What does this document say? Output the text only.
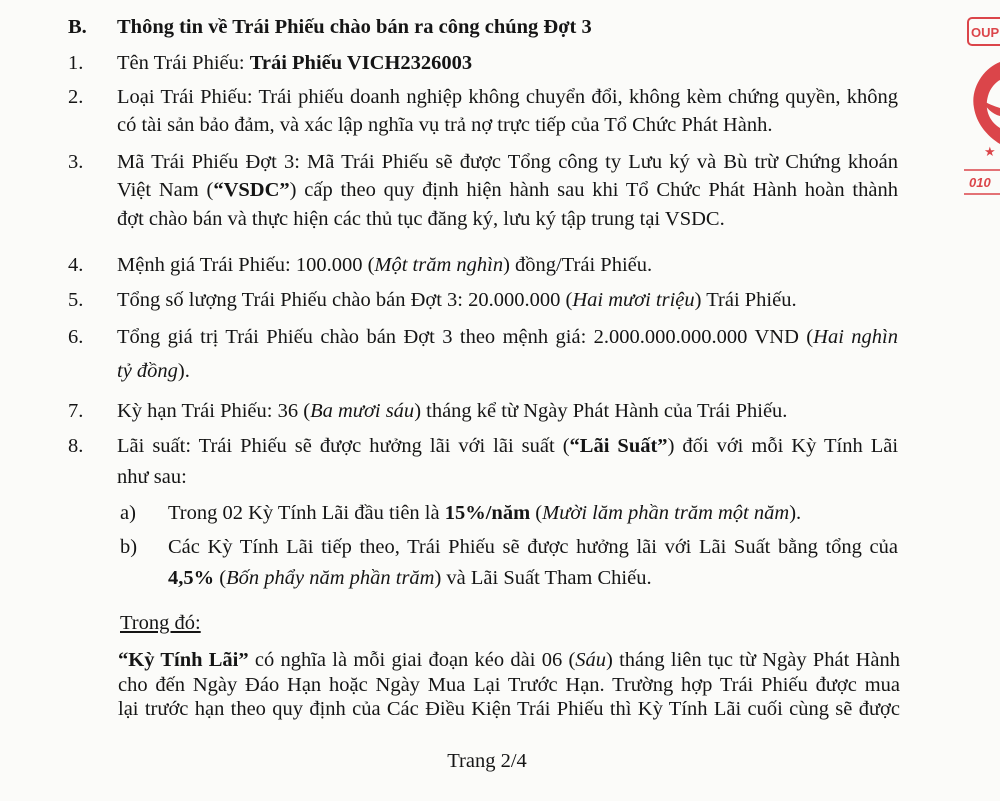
B. Thông tin về Trái Phiếu chào bán ra công chúng Đợt 3
1. Tên Trái Phiếu: Trái Phiếu VICH2326003
2. Loại Trái Phiếu: Trái phiếu doanh nghiệp không chuyển đổi, không kèm chứng quyền, không
có tài sản bảo đảm, và xác lập nghĩa vụ trả nợ trực tiếp của Tổ Chức Phát Hành.
3. Mã Trái Phiếu Đợt 3: Mã Trái Phiếu sẽ được Tổng công ty Lưu ký và Bù trừ Chứng khoán
Việt Nam (“VSDC”) cấp theo quy định hiện hành sau khi Tổ Chức Phát Hành hoàn thành
đợt chào bán và thực hiện các thủ tục đăng ký, lưu ký tập trung tại VSDC.
4. Mệnh giá Trái Phiếu: 100.000 (Một trăm nghìn) đồng/Trái Phiếu.
5. Tổng số lượng Trái Phiếu chào bán Đợt 3: 20.000.000 (Hai mươi triệu) Trái Phiếu.
6. Tổng giá trị Trái Phiếu chào bán Đợt 3 theo mệnh giá: 2.000.000.000.000 VND (Hai nghìn
tỷ đồng).
7. Kỳ hạn Trái Phiếu: 36 (Ba mươi sáu) tháng kể từ Ngày Phát Hành của Trái Phiếu.
8. Lãi suất: Trái Phiếu sẽ được hưởng lãi với lãi suất (“Lãi Suất”) đối với mỗi Kỳ Tính Lãi
như sau:
a) Trong 02 Kỳ Tính Lãi đầu tiên là 15%/năm (Mười lăm phần trăm một năm).
b) Các Kỳ Tính Lãi tiếp theo, Trái Phiếu sẽ được hưởng lãi với Lãi Suất bằng tổng của
4,5% (Bốn phẩy năm phần trăm) và Lãi Suất Tham Chiếu.
Trong đó:
“Kỳ Tính Lãi” có nghĩa là mỗi giai đoạn kéo dài 06 (Sáu) tháng liên tục từ Ngày Phát Hành
cho đến Ngày Đáo Hạn hoặc Ngày Mua Lại Trước Hạn. Trường hợp Trái Phiếu được mua
lại trước hạn theo quy định của Các Điều Kiện Trái Phiếu thì Kỳ Tính Lãi cuối cùng sẽ được
Trang 2/4
OUP
★
010
